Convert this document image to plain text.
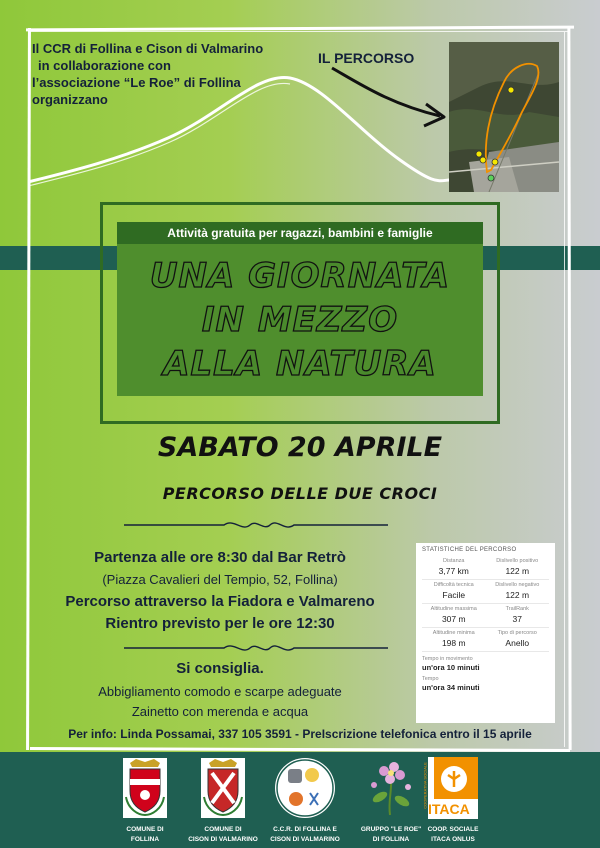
Il CCR di Follina e Cison di Valmarino
in collaborazione con
l’associazione “Le Roe” di Follina
organizzano
IL PERCORSO
Attività gratuita per ragazzi, bambini e famiglie
UNA GIORNATA
IN MEZZO
ALLA NATURA
SABATO 20 APRILE
PERCORSO DELLE DUE CROCI
Partenza alle ore 8:30 dal Bar Retrò
(Piazza Cavalieri del Tempio, 52, Follina)
Percorso attraverso la Fiadora e Valmareno
Rientro previsto per le ore 12:30
Si consiglia.
Abbigliamento comodo e scarpe adeguate
Zainetto con merenda e acqua
STATISTICHE DEL PERCORSO
Distanza
3,77 km
Dislivello positivo
122 m
Difficoltà tecnica
Facile
Dislivello negativo
122 m
Altitudine massima
307 m
TrailRank
37
Altitudine minima
198 m
Tipo di percorso
Anello
Tempo in movimento
un'ora 10 minuti
Tempo
un'ora 34 minuti
Per info: Linda Possamai, 337 105 3591 - PreIscrizione telefonica entro il 15 aprile
COMUNE DI
FOLLINA
COMUNE DI
CISON DI VALMARINO
C.C.R. DI FOLLINA E
CISON DI VALMARINO
GRUPPO "LE ROE"
DI FOLLINA
ITACA
COOPERATIVA SOCIALE
COOP. SOCIALE
ITACA ONLUS
